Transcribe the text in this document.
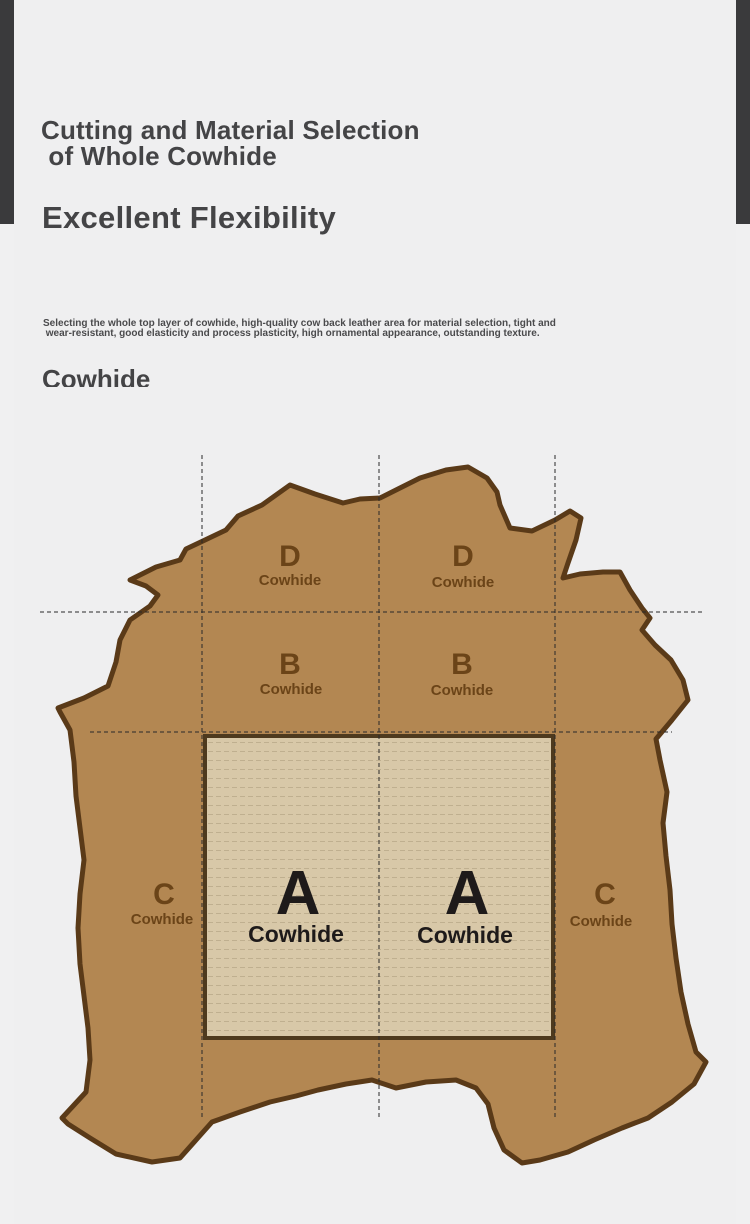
Cutting and Material Selection
of Whole Cowhide
Excellent Flexibility

Selecting the whole top layer of cowhide, high-quality cow back leather area for material selection, tight and
wear-resistant, good elasticity and process plasticity, high ornamental appearance, outstanding texture.

Cowhide
D
Cowhide
D
Cowhide
B
Cowhide
B
Cowhide
C
Cowhide
C
Cowhide
A
Cowhide
A
Cowhide
